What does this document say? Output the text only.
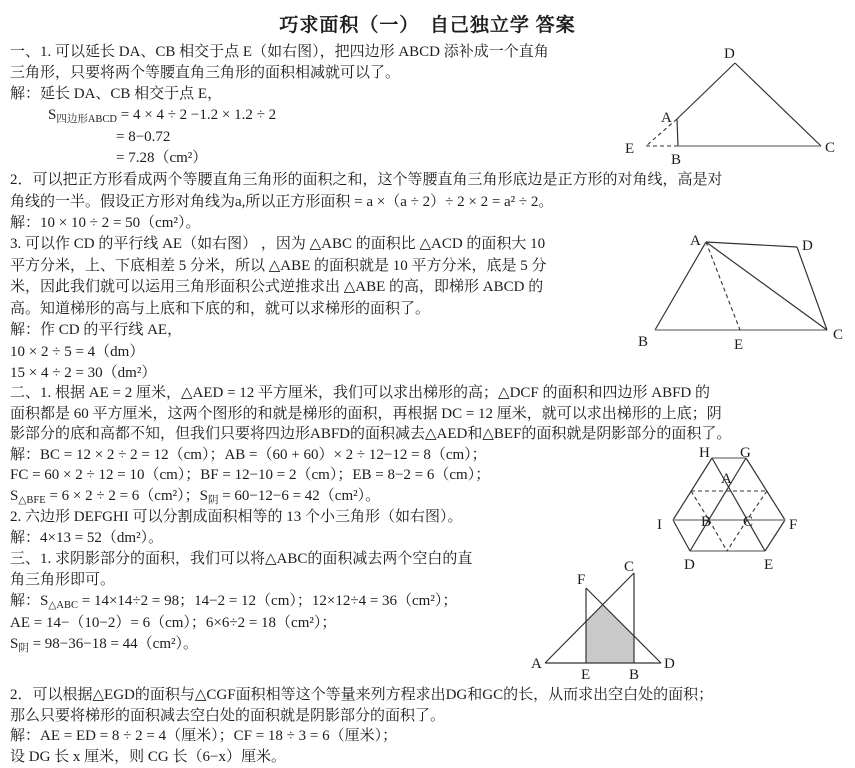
巧求面积（一）　自己独立学 答案
一、1. 可以延长 DA、CB 相交于点 E（如右图），把四边形 ABCD 添补成一个直角
三角形，只要将两个等腰直角三角形的面积相减就可以了。
解：延长 DA、CB 相交于点 E，
$S_{四边形ABCD} = 4 \times 4 \div 2 -1.2 \times 1.2 \div 2$
= 8−0.72
= 7.28（cm²）
2．可以把正方形看成两个等腰直角三角形的面积之和，这个等腰直角三角形底边是正方形的对角线，高是对
角线的一半。假设正方形对角线为a,所以正方形面积 = a ×（a ÷ 2）÷ 2 × 2 = a² ÷ 2。
解：10 × 10 ÷ 2 = 50（cm²）。
3. 可以作 CD 的平行线 AE（如右图） ，因为 △ABC 的面积比 △ACD 的面积大 10
平方分米，上、下底相差 5 分米，所以 △ABE 的面积就是 10 平方分米，底是 5 分
米，因此我们就可以运用三角形面积公式逆推求出 △ABE 的高，即梯形 ABCD 的
高。知道梯形的高与上底和下底的和，就可以求梯形的面积了。
解：作 CD 的平行线 AE，
10 × 2 ÷ 5 = 4（dm）
15 × 4 ÷ 2 = 30（dm²）
二、1. 根据 AE = 2 厘米，△AED = 12 平方厘米，我们可以求出梯形的高；△DCF 的面积和四边形 ABFD 的
面积都是 60 平方厘米，这两个图形的和就是梯形的面积，再根据 DC = 12 厘米，就可以求出梯形的上底；阴
影部分的底和高都不知，但我们只要将四边形ABFD的面积减去△AED和△BEF的面积就是阴影部分的面积了。
解：BC = 12 × 2 ÷ 2 = 12（cm）；AB =（60 + 60）× 2 ÷ 12−12 = 8（cm）；
FC = 60 × 2 ÷ 12 = 10（cm）；BF = 12−10 = 2（cm）；EB = 8−2 = 6（cm）；
$S_{\triangle BFE} = 6 \times 2 \div 2 = 6(cm^2)$；$S_阴 = 60-12-6 = 42(cm^2)$。
2. 六边形 DEFGHI 可以分割成面积相等的 13 个小三角形（如右图）。
解：4×13 = 52（dm²）。
三、1. 求阴影部分的面积，我们可以将△ABC的面积减去两个空白的直
角三角形即可。
解：$S_{\triangle ABC} = 14\times 14\div 2 = 98$；14−2 = 12（cm）；12×12÷4 = 36（cm²）；
AE = 14−（10−2）= 6（cm）；6×6÷2 = 18（cm²）；
$S_阴 = 98-36-18 = 44(cm^2)$。
2．可以根据△EGD的面积与△CGF面积相等这个等量来列方程求出DG和GC的长，从而求出空白处的面积；
那么只要将梯形的面积减去空白处的面积就是阴影部分的面积了。
解：AE = ED = 8 ÷ 2 = 4（厘米）；CF = 18 ÷ 3 = 6（厘米）；
设 DG 长 x 厘米，则 CG 长（6−x）厘米。
D
A
B
E	C
A	D
B	C
E
H G
A
I	B C F
D	E
A	D
E	B
F
C
